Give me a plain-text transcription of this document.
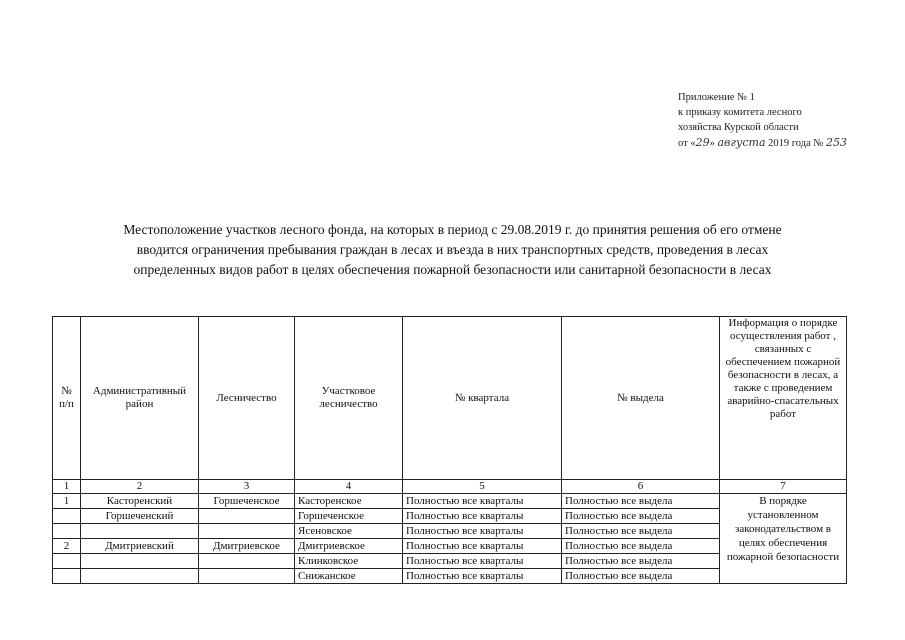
Приложение № 1
к приказу комитета лесного
хозяйства Курской области
от «29» августа 2019 года № 253
Местоположение участков лесного фонда, на которых в период с 29.08.2019 г. до принятия решения об его отмене
вводится ограничения пребывания граждан в лесах и въезда в них транспортных средств, проведения в лесах
определенных видов работ в целях обеспечения пожарной безопасности или санитарной безопасности в лесах
№ п/п	Административный район	Лесничество	Участковое лесничество	№ квартала	№ выдела	Информация о порядке осуществления работ , связанных с обеспечением пожарной безопасности в лесах, а также с проведением аварийно-спасательных работ
1	2	3	4	5	6	7
1	Касторенский	Горшеченское	Касторенское	Полностью все кварталы	Полностью все выдела	В порядке установленном законодательством в целях обеспечения пожарной безопасности
	Горшеченский		Горшеченское	Полностью все кварталы	Полностью все выдела	
			Ясеновское	Полностью все кварталы	Полностью все выдела	
2	Дмитриевский	Дмитриевское	Дмитриевское	Полностью все кварталы	Полностью все выдела	
			Клинковское	Полностью все кварталы	Полностью все выдела	
			Снижанское	Полностью все кварталы	Полностью все выдела	
